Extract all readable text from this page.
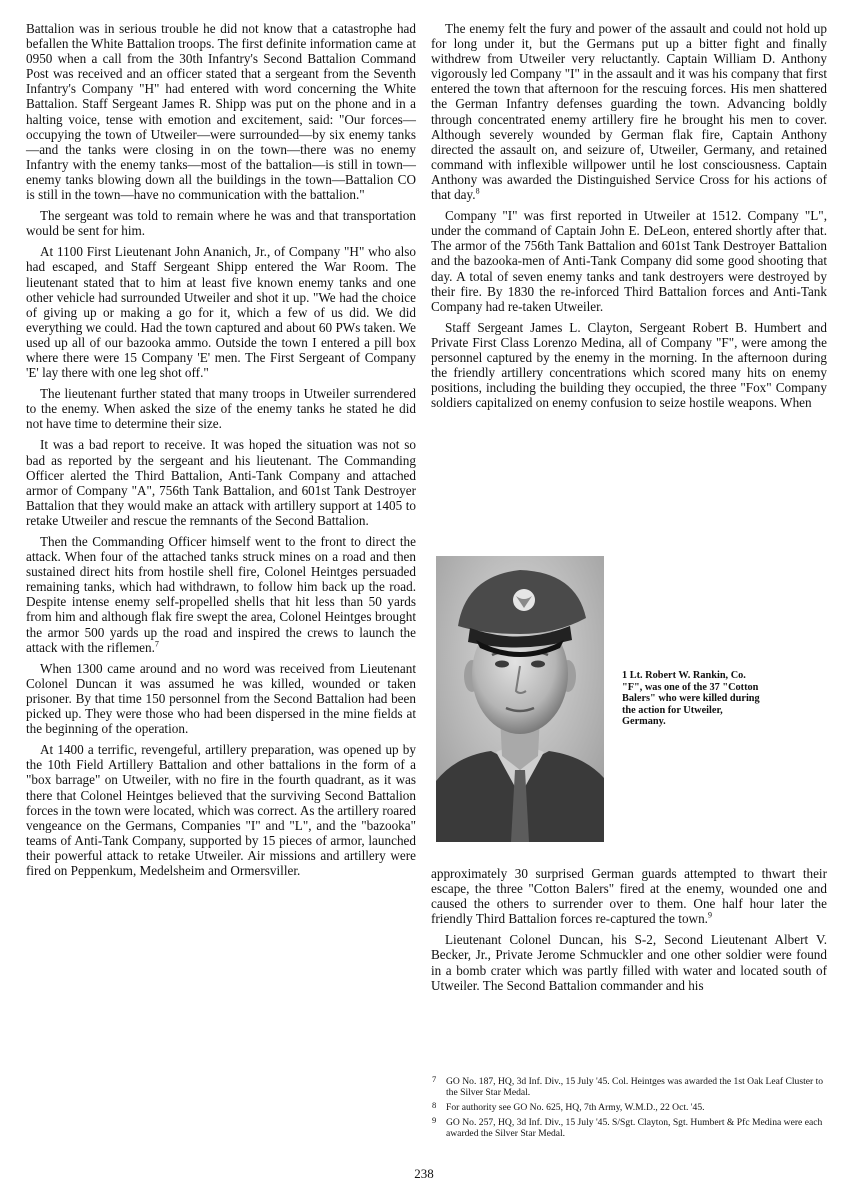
Battalion was in serious trouble he did not know that a catastrophe had befallen the White Battalion troops. The first definite information came at 0950 when a call from the 30th Infantry's Second Battalion Command Post was received and an officer stated that a sergeant from the Seventh Infantry's Company "H" had entered with word concerning the White Battalion. Staff Sergeant James R. Shipp was put on the phone and in a halting voice, tense with emotion and excitement, said: "Our forces—occupying the town of Utweiler—were surrounded—by six enemy tanks—and the tanks were closing in on the town—there was no enemy Infantry with the enemy tanks—most of the battalion—is still in town—enemy tanks blowing down all the buildings in the town—Battalion CO is still in the town—have no communication with the battalion."

The sergeant was told to remain where he was and that transportation would be sent for him.

At 1100 First Lieutenant John Ananich, Jr., of Company "H" who also had escaped, and Staff Sergeant Shipp entered the War Room. The lieutenant stated that to him at least five known enemy tanks and one other vehicle had surrounded Utweiler and shot it up. "We had the choice of giving up or making a go for it, which a few of us did. We did everything we could. Had the town captured and about 60 PWs taken. We used up all of our bazooka ammo. Outside the town I entered a pill box where there were 15 Company 'E' men. The First Sergeant of Company 'E' lay there with one leg shot off."

The lieutenant further stated that many troops in Utweiler surrendered to the enemy. When asked the size of the enemy tanks he stated he did not have time to determine their size.

It was a bad report to receive. It was hoped the situation was not so bad as reported by the sergeant and his lieutenant. The Commanding Officer alerted the Third Battalion, Anti-Tank Company and attached armor of Company "A", 756th Tank Battalion, and 601st Tank Destroyer Battalion that they would make an attack with artillery support at 1405 to retake Utweiler and rescue the remnants of the Second Battalion.

Then the Commanding Officer himself went to the front to direct the attack. When four of the attached tanks struck mines on a road and then sustained direct hits from hostile shell fire, Colonel Heintges persuaded remaining tanks, which had withdrawn, to follow him back up the road. Despite intense enemy self-propelled shells that hit less than 50 yards from him and although flak fire swept the area, Colonel Heintges brought the armor 500 yards up the road and inspired the crews to launch the attack with the riflemen.$^7$

When 1300 came around and no word was received from Lieutenant Colonel Duncan it was assumed he was killed, wounded or taken prisoner. By that time 150 personnel from the Second Battalion had been picked up. They were those who had been dispersed in the mine fields at the beginning of the operation.

At 1400 a terrific, revengeful, artillery preparation, was opened up by the 10th Field Artillery Battalion and other battalions in the form of a "box barrage" on Utweiler, with no fire in the fourth quadrant, as it was there that Colonel Heintges believed that the surviving Second Battalion forces in the town were located, which was correct. As the artillery roared vengeance on the Germans, Companies "I" and "L", and the "bazooka" teams of Anti-Tank Company, supported by 15 pieces of armor, launched their powerful attack to retake Utweiler. Air missions and artillery were fired on Peppenkum, Medelsheim and Ormersviller.

The enemy felt the fury and power of the assault and could not hold up for long under it, but the Germans put up a bitter fight and finally withdrew from Utweiler very reluctantly. Captain William D. Anthony vigorously led Company "I" in the assault and it was his company that first entered the town that afternoon for the rescuing forces. His men shattered the German Infantry defenses guarding the town. Advancing boldly through concentrated enemy artillery fire he brought his men to cover. Although severely wounded by German flak fire, Captain Anthony directed the assault on, and seizure of, Utweiler, Germany, and retained command with inflexible willpower until he lost consciousness. Captain Anthony was awarded the Distinguished Service Cross for his actions of that day.$^8$

Company "I" was first reported in Utweiler at 1512. Company "L", under the command of Captain John E. DeLeon, entered shortly after that. The armor of the 756th Tank Battalion and 601st Tank Destroyer Battalion and the bazooka-men of Anti-Tank Company did some good shooting that day. A total of seven enemy tanks and tank destroyers were destroyed by their fire. By 1830 the re-inforced Third Battalion forces and Anti-Tank Company had re-taken Utweiler.

Staff Sergeant James L. Clayton, Sergeant Robert B. Humbert and Private First Class Lorenzo Medina, all of Company "F", were among the personnel captured by the enemy in the morning. In the afternoon during the friendly artillery concentrations which scored many hits on enemy positions, including the building they occupied, the three "Fox" Company soldiers capitalized on enemy confusion to seize hostile weapons. When

1 Lt. Robert W. Rankin, Co. "F", was one of the 37 "Cotton Balers" who were killed during the action for Utweiler, Germany.

approximately 30 surprised German guards attempted to thwart their escape, the three "Cotton Balers" fired at the enemy, wounded one and caused the others to surrender over to them. One half hour later the friendly Third Battalion forces re-captured the town.$^9$

Lieutenant Colonel Duncan, his S-2, Second Lieutenant Albert V. Becker, Jr., Private Jerome Schmuckler and one other soldier were found in a bomb crater which was partly filled with water and located south of Utweiler. The Second Battalion commander and his

7 GO No. 187, HQ, 3d Inf. Div., 15 July '45. Col. Heintges was awarded the 1st Oak Leaf Cluster to the Silver Star Medal.
8 For authority see GO No. 625, HQ, 7th Army, W.M.D., 22 Oct. '45.
9 GO No. 257, HQ, 3d Inf. Div., 15 July '45. S/Sgt. Clayton, Sgt. Humbert & Pfc Medina were each awarded the Silver Star Medal.
238
